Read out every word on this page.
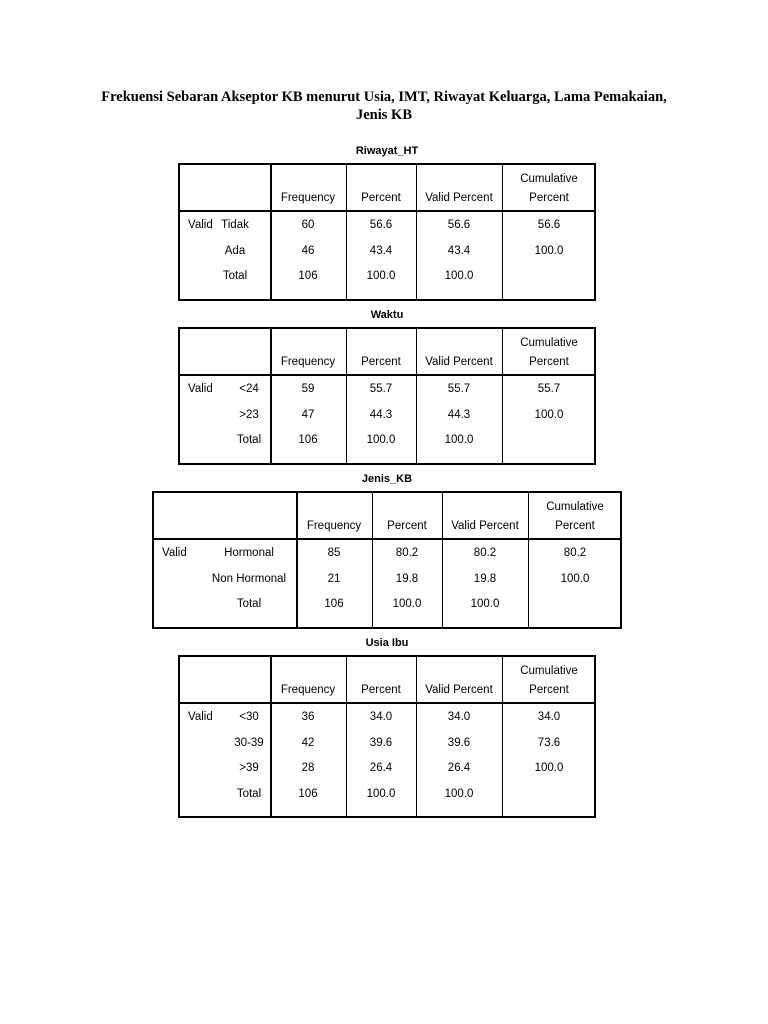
Frekuensi Sebaran Akseptor KB menurut Usia, IMT, Riwayat Keluarga, Lama Pemakaian, Jenis KB
Riwayat_HT
Frequency	Percent	Valid Percent
Cumulative
Percent
Valid Tidak	60	56.6	56.6	56.6
Ada	46	43.4	43.4	100.0
Total	106	100.0	100.0
Waktu
Frequency	Percent	Valid Percent
Cumulative
Percent
Valid	<24	59	55.7	55.7	55.7
>23	47	44.3	44.3	100.0
Total	106	100.0	100.0
Jenis_KB
Frequency	Percent	Valid Percent
Cumulative
Percent
Valid	Hormonal	85	80.2	80.2	80.2
Non Hormonal	21	19.8	19.8	100.0
Total	106	100.0	100.0
Usia Ibu
Frequency	Percent	Valid Percent
Cumulative
Percent
Valid	<30	36	34.0	34.0	34.0
30-39	42	39.6	39.6	73.6
>39	28	26.4	26.4	100.0
Total	106	100.0	100.0
